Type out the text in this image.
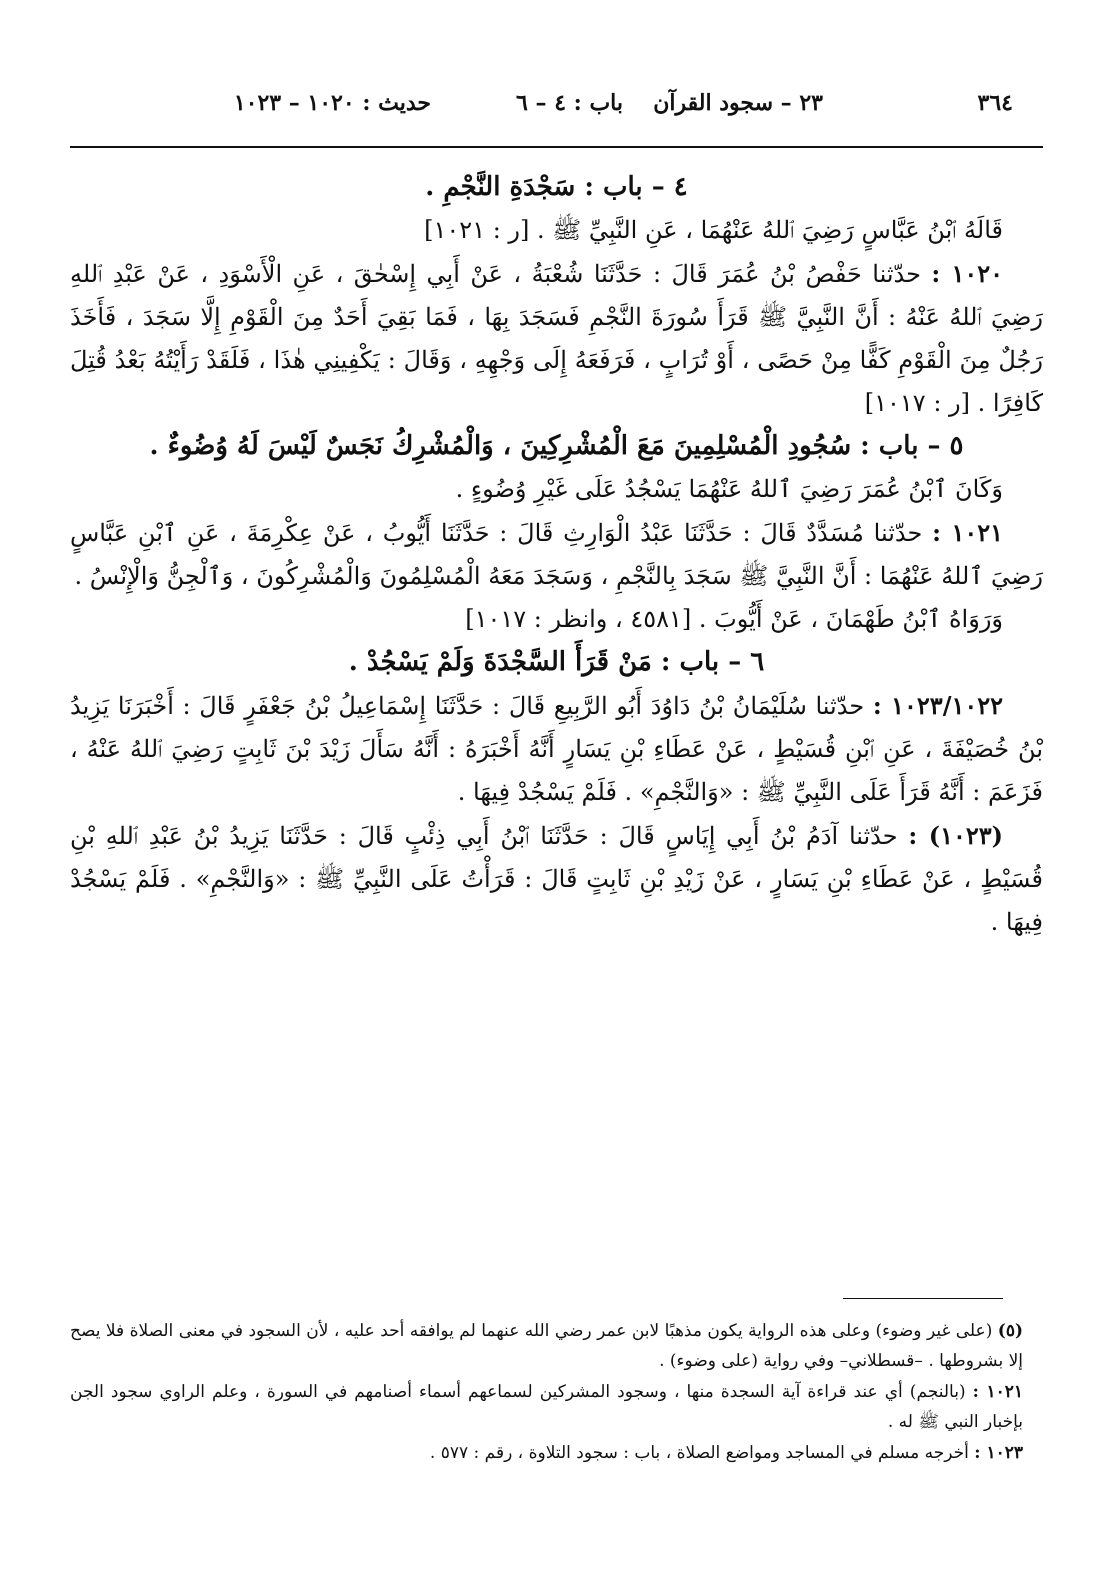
٣٦٤
٢٣ – سجود القرآن
باب : ٤ – ٦
حديث : ١٠٢٠ – ١٠٢٣

٤ – باب : سَجْدَةِ النَّجْمِ .

قَالَهُ ٱبْنُ عَبَّاسٍ رَضِيَ ٱللهُ عَنْهُمَا ، عَنِ النَّبِيِّ ﷺ . [ر : ١٠٢١]

١٠٢٠ : حدّثنا حَفْصُ بْنُ عُمَرَ قَالَ : حَدَّثَنَا شُعْبَةُ ، عَنْ أَبِي إِسْحٰقَ ، عَنِ الْأَسْوَدِ ، عَنْ عَبْدِ ٱللهِ رَضِيَ ٱللهُ عَنْهُ : أَنَّ النَّبِيَّ ﷺ قَرَأَ سُورَةَ النَّجْمِ فَسَجَدَ بِهَا ، فَمَا بَقِيَ أَحَدٌ مِنَ الْقَوْمِ إِلَّا سَجَدَ ، فَأَخَذَ رَجُلٌ مِنَ الْقَوْمِ كَفًّا مِنْ حَصًى ، أَوْ تُرَابٍ ، فَرَفَعَهُ إِلَى وَجْهِهِ ، وَقَالَ : يَكْفِينِي هٰذَا ، فَلَقَدْ رَأَيْتُهُ بَعْدُ قُتِلَ كَافِرًا . [ر : ١٠١٧]

٥ – باب : سُجُودِ الْمُسْلِمِينَ مَعَ الْمُشْرِكِينَ ، وَالْمُشْرِكُ نَجَسٌ لَيْسَ لَهُ وُضُوءٌ .

وَكَانَ ٱبْنُ عُمَرَ رَضِيَ ٱللهُ عَنْهُمَا يَسْجُدُ عَلَى غَيْرِ وُضُوءٍ .

١٠٢١ : حدّثنا مُسَدَّدٌ قَالَ : حَدَّثَنَا عَبْدُ الْوَارِثِ قَالَ : حَدَّثَنَا أَيُّوبُ ، عَنْ عِكْرِمَةَ ، عَنِ ٱبْنِ عَبَّاسٍ رَضِيَ ٱللهُ عَنْهُمَا : أَنَّ النَّبِيَّ ﷺ سَجَدَ بِالنَّجْمِ ، وَسَجَدَ مَعَهُ الْمُسْلِمُونَ وَالْمُشْرِكُونَ ، وَٱلْجِنُّ وَالْإِنْسُ .

وَرَوَاهُ ٱبْنُ طَهْمَانَ ، عَنْ أَيُّوبَ . [٤٥٨١ ، وانظر : ١٠١٧]

٦ – باب : مَنْ قَرَأَ السَّجْدَةَ وَلَمْ يَسْجُدْ .

١٠٢٣/١٠٢٢ : حدّثنا سُلَيْمَانُ بْنُ دَاوُدَ أَبُو الرَّبِيعِ قَالَ : حَدَّثَنَا إِسْمَاعِيلُ بْنُ جَعْفَرٍ قَالَ : أَخْبَرَنَا يَزِيدُ بْنُ خُصَيْفَةَ ، عَنِ ٱبْنِ قُسَيْطٍ ، عَنْ عَطَاءِ بْنِ يَسَارٍ أَنَّهُ أَخْبَرَهُ : أَنَّهُ سَأَلَ زَيْدَ بْنَ ثَابِتٍ رَضِيَ ٱللهُ عَنْهُ ، فَزَعَمَ : أَنَّهُ قَرَأَ عَلَى النَّبِيِّ ﷺ : «وَالنَّجْمِ» . فَلَمْ يَسْجُدْ فِيهَا .

(١٠٢٣) : حدّثنا آدَمُ بْنُ أَبِي إِيَاسٍ قَالَ : حَدَّثَنَا ٱبْنُ أَبِي ذِئْبٍ قَالَ : حَدَّثَنَا يَزِيدُ بْنُ عَبْدِ ٱللهِ بْنِ قُسَيْطٍ ، عَنْ عَطَاءِ بْنِ يَسَارٍ ، عَنْ زَيْدِ بْنِ ثَابِتٍ قَالَ : قَرَأْتُ عَلَى النَّبِيِّ ﷺ : «وَالنَّجْمِ» . فَلَمْ يَسْجُدْ فِيهَا .

(٥) (على غير وضوء) وعلى هذه الرواية يكون مذهبًا لابن عمر رضي الله عنهما لم يوافقه أحد عليه ، لأن السجود في معنى الصلاة فلا يصح إلا بشروطها . –قسطلاني– وفي رواية (على وضوء) .

١٠٢١ : (بالنجم) أي عند قراءة آية السجدة منها ، وسجود المشركين لسماعهم أسماء أصنامهم في السورة ، وعلم الراوي سجود الجن بإخبار النبي ﷺ له .

١٠٢٣ : أخرجه مسلم في المساجد ومواضع الصلاة ، باب : سجود التلاوة ، رقم : ٥٧٧ .
